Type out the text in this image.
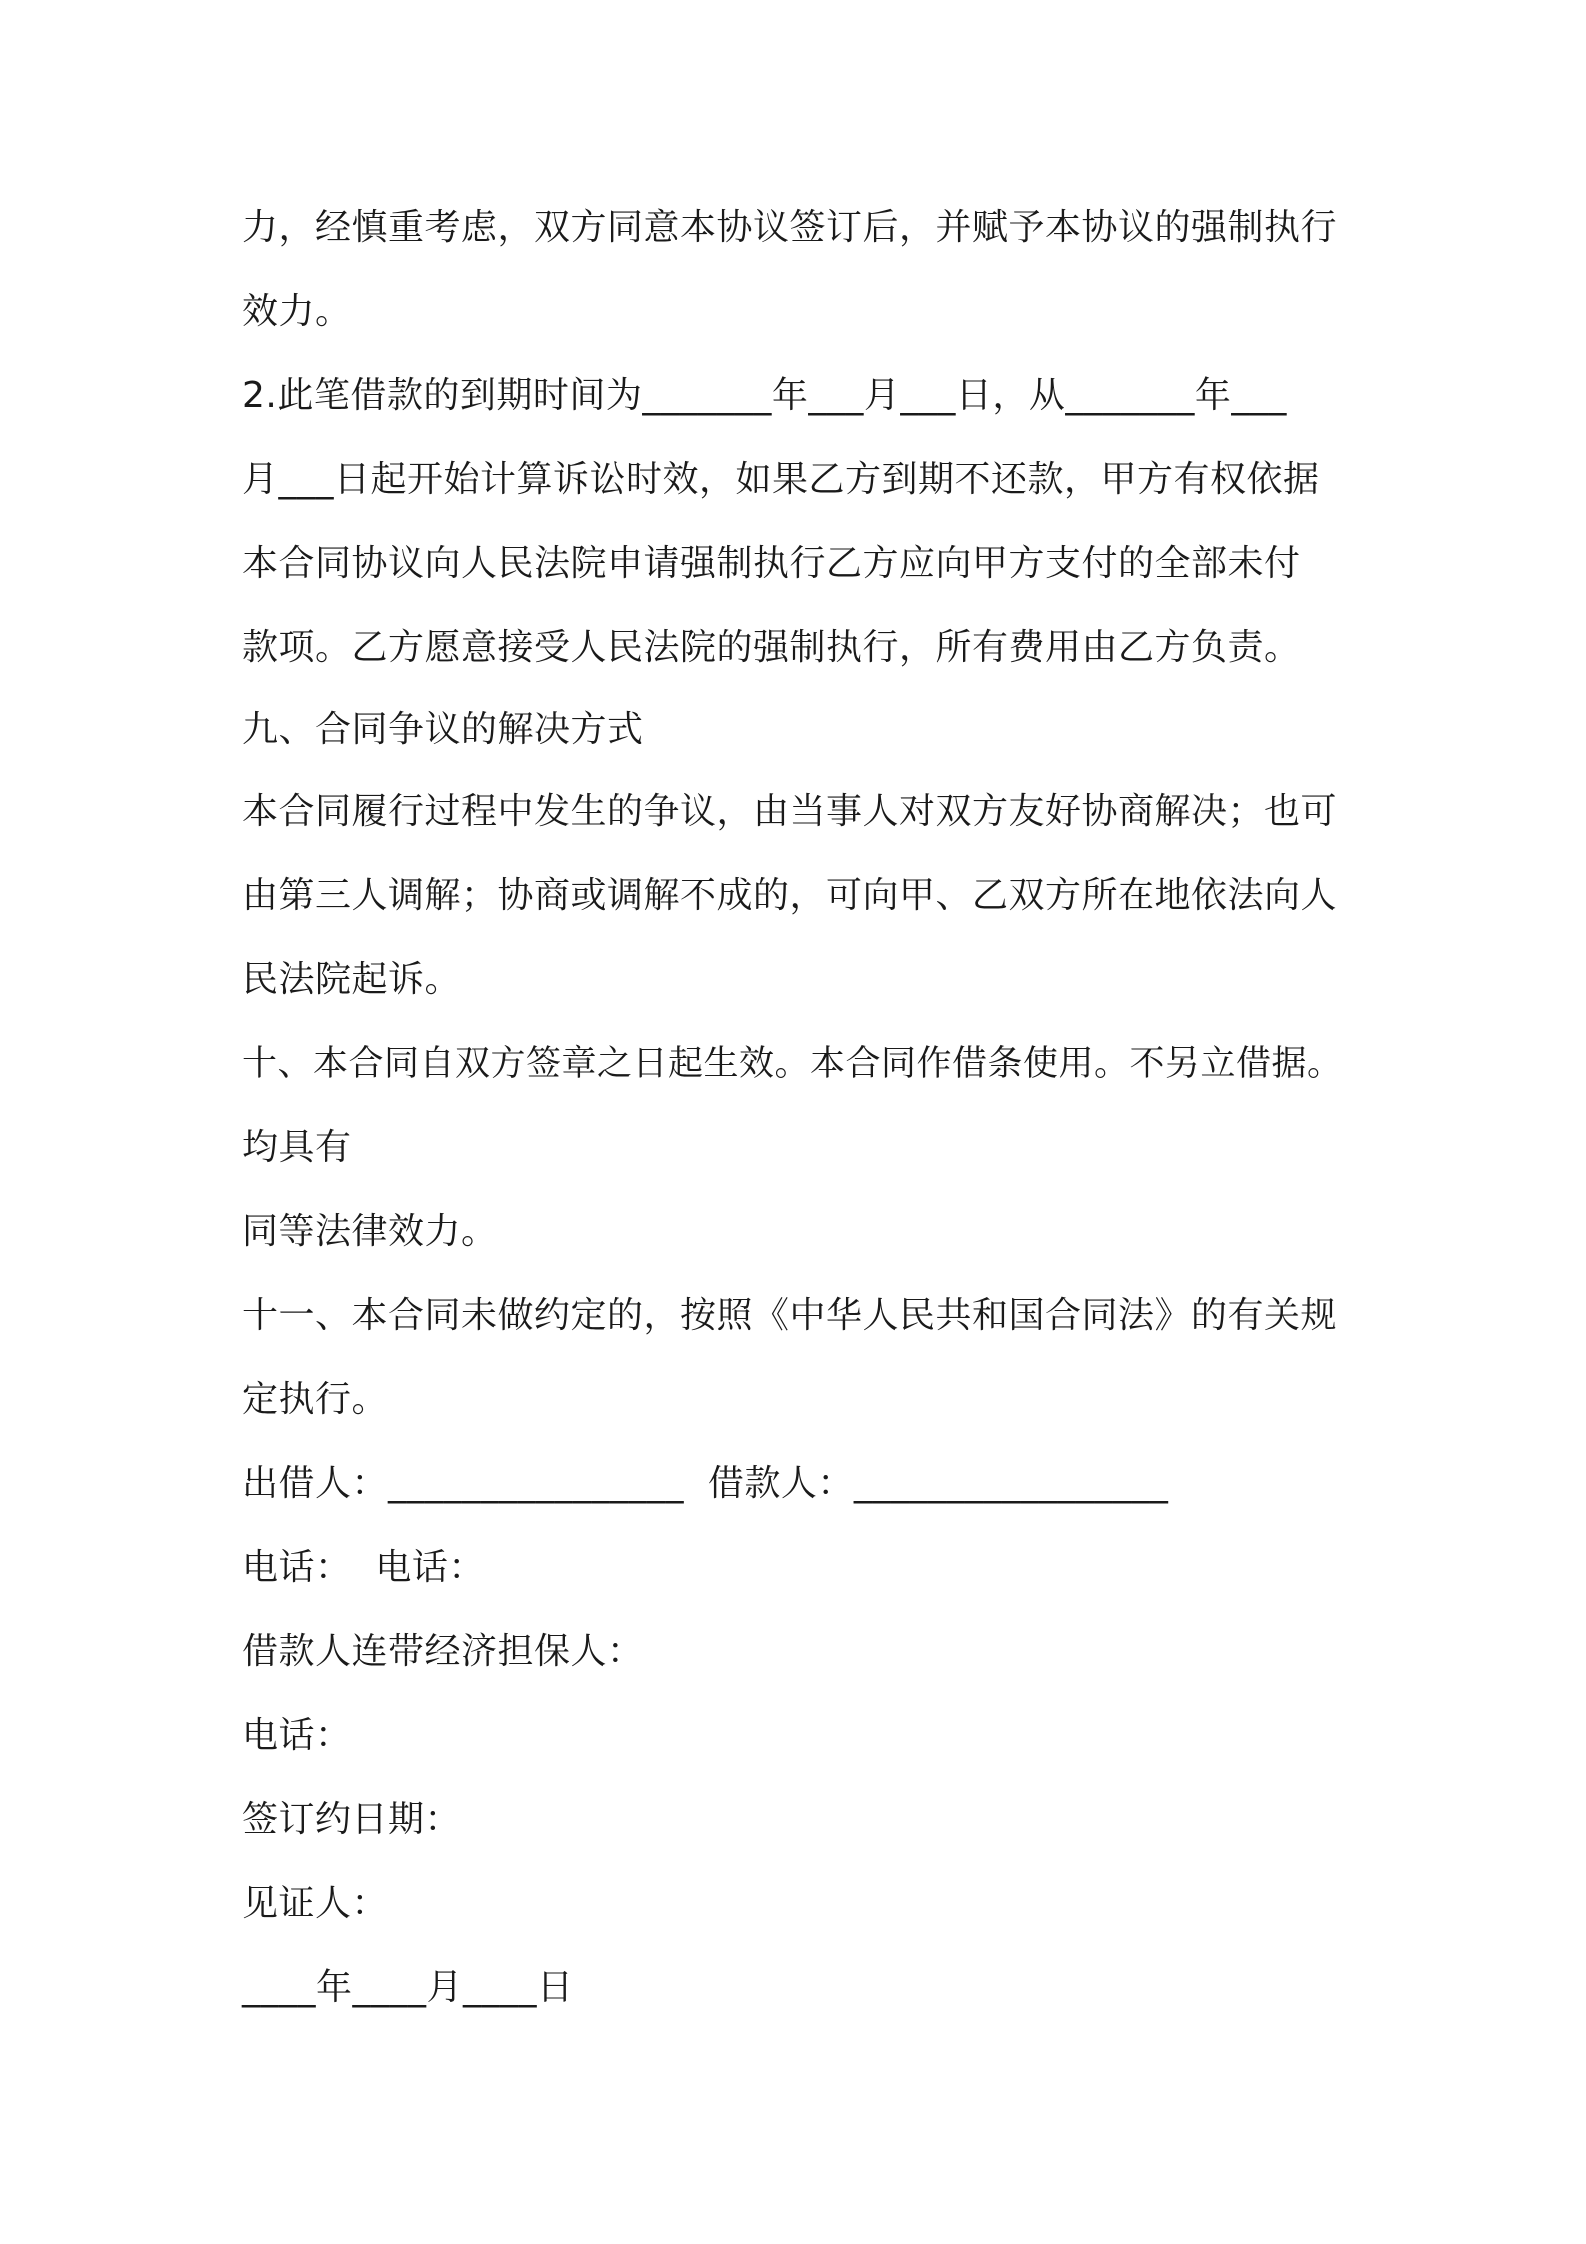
力，经慎重考虑，双方同意本协议签订后，并赋予本协议的强制执行

效力。

2.此笔借款的到期时间为_______年___月___日，从_______年___

月___日起开始计算诉讼时效，如果乙方到期不还款，甲方有权依据

本合同协议向人民法院申请强制执行乙方应向甲方支付的全部未付

款项。乙方愿意接受人民法院的强制执行，所有费用由乙方负责。

九、合同争议的解决方式

本合同履行过程中发生的争议，由当事人对双方友好协商解决；也可

由第三人调解；协商或调解不成的，可向甲、乙双方所在地依法向人

民法院起诉。

十、本合同自双方签章之日起生效。本合同作借条使用。不另立借据。

均具有

同等法律效力。

十一、本合同未做约定的，按照《中华人民共和国合同法》的有关规

定执行。

出借人：________________  借款人：_________________

电话：  电话：

借款人连带经济担保人：

电话：

签订约日期：

见证人：

____年____月____日
